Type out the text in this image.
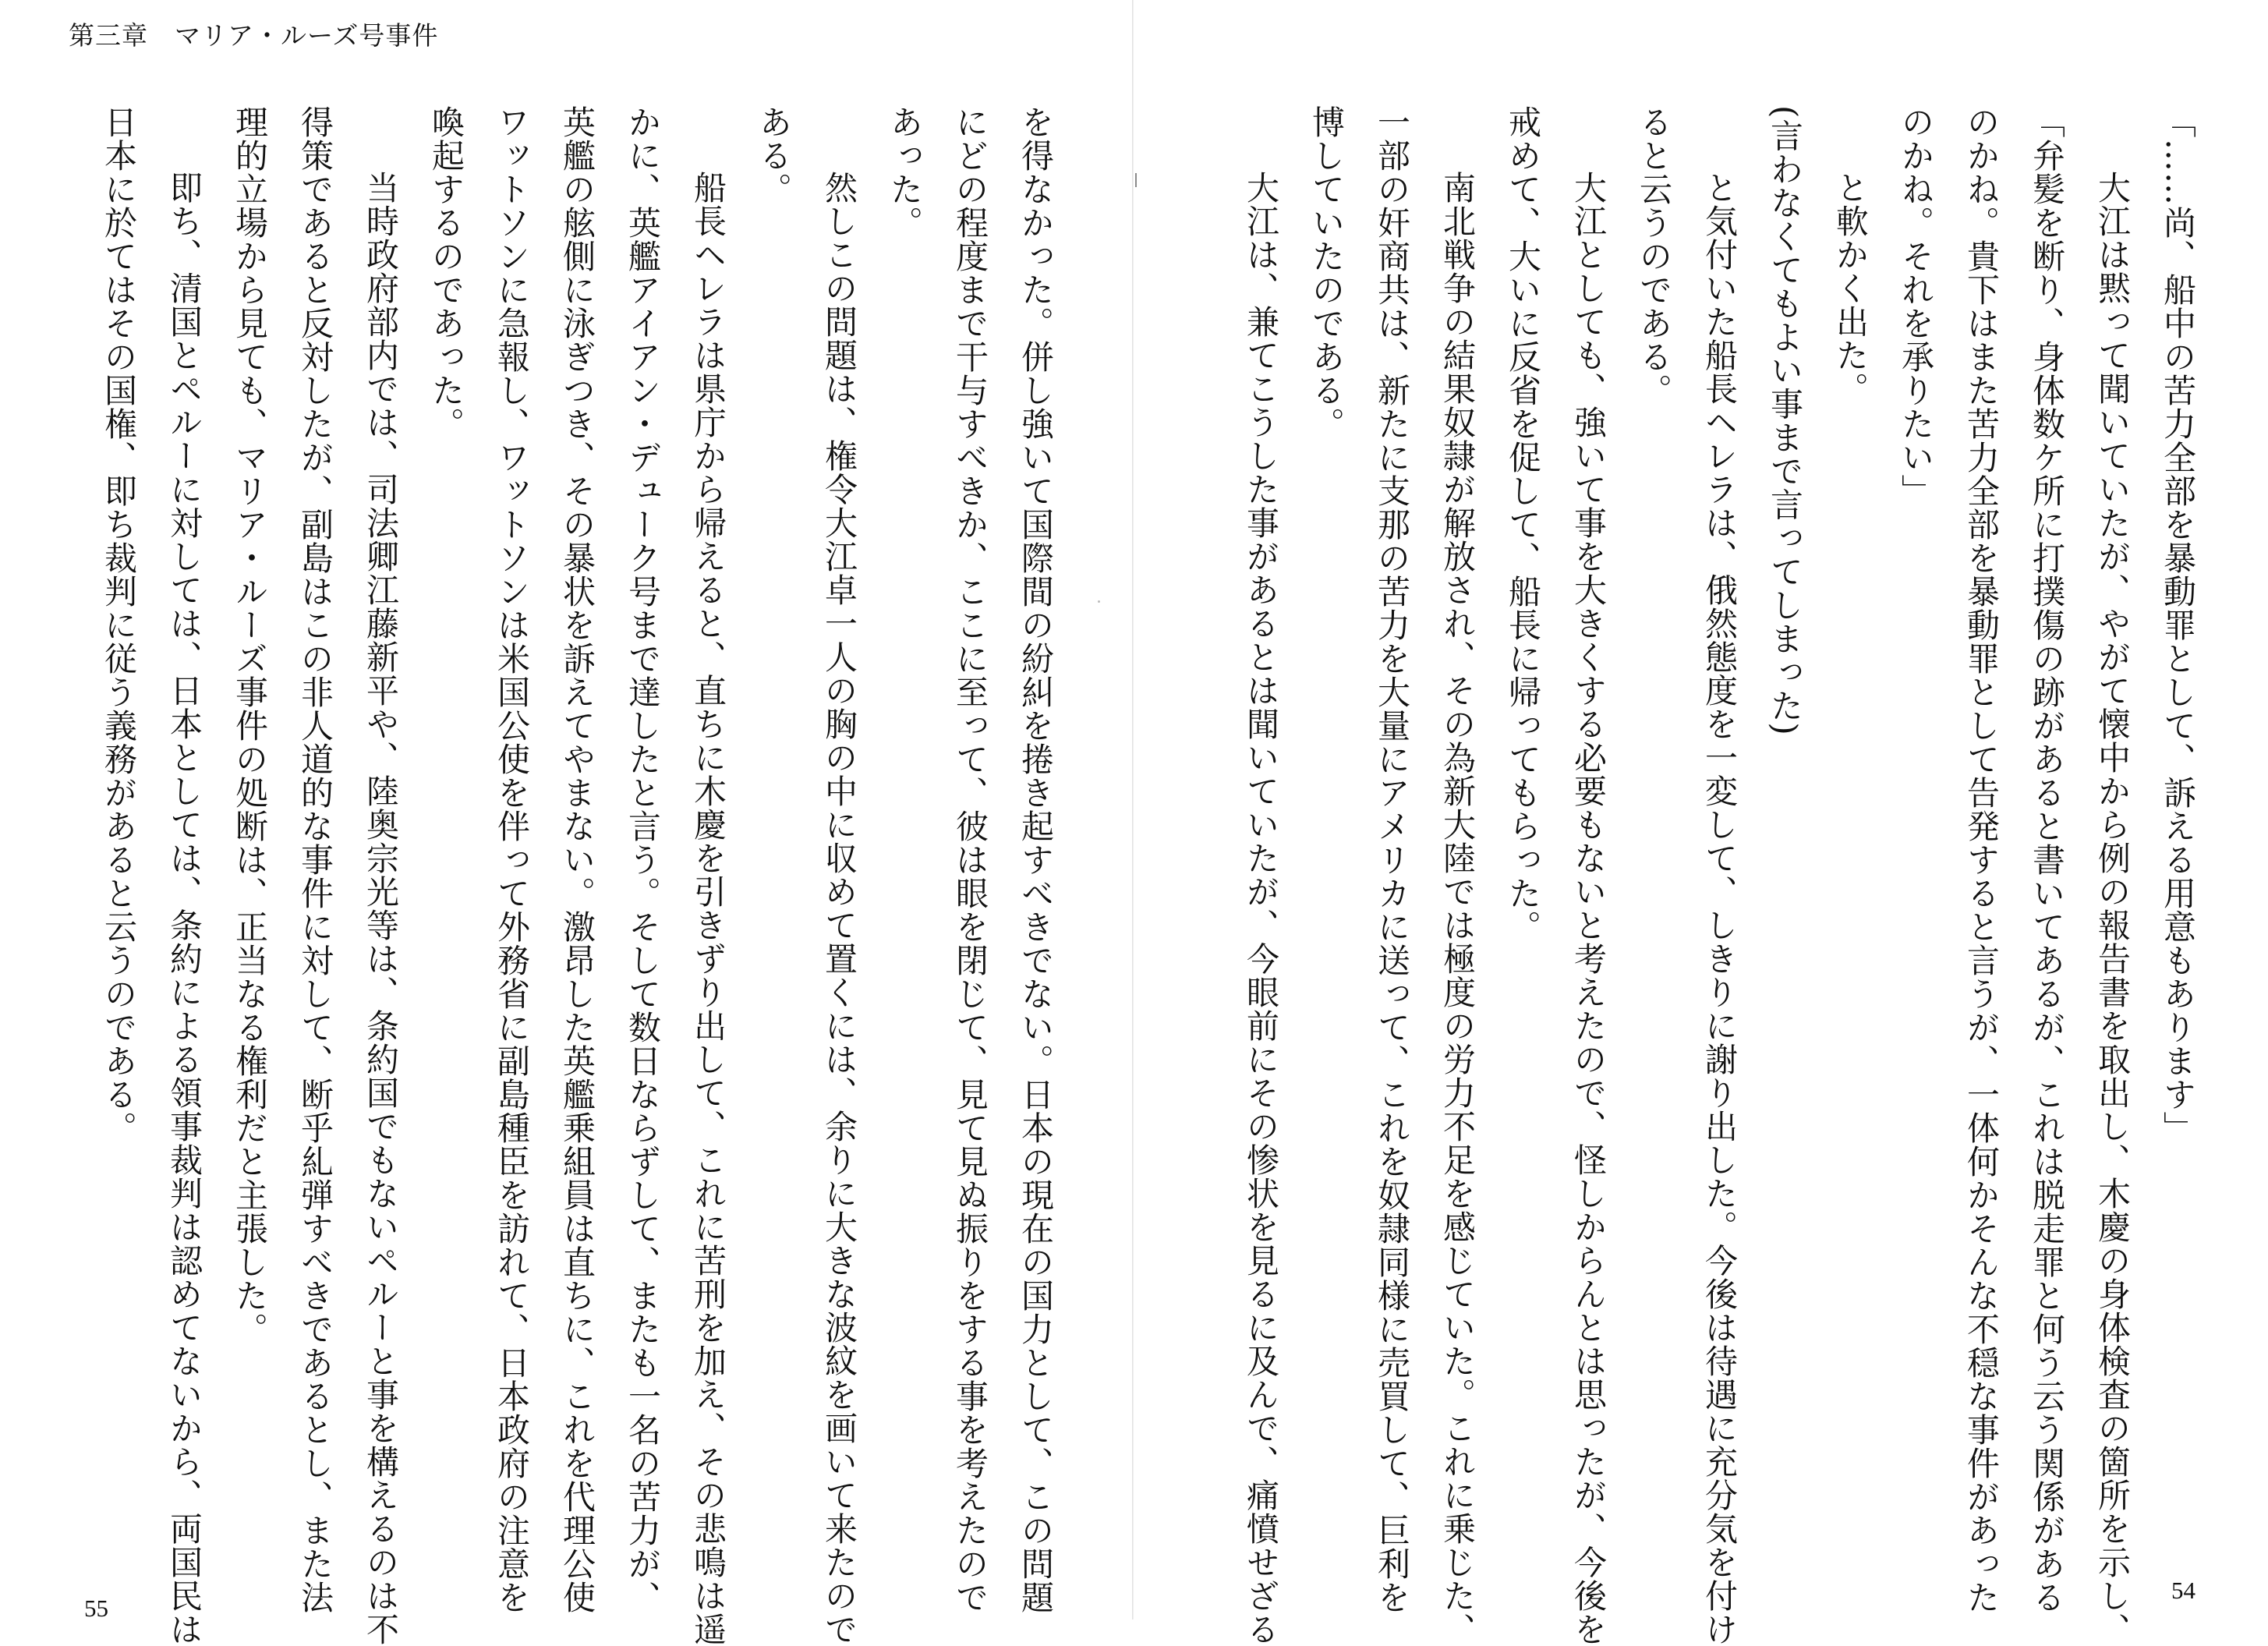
第三章　マリア・ルーズ号事件
を得なかった。併し強いて国際間の紛糾を捲き起すべきでない。日本の現在の国力として、この問題
にどの程度まで干与すべきか、ここに至って、彼は眼を閉じて、見て見ぬ振りをする事を考えたので
あった。
然しこの問題は、権令大江卓一人の胸の中に収めて置くには、余りに大きな波紋を画いて来たので
ある。
船長ヘレラは県庁から帰えると、直ちに木慶を引きずり出して、これに苦刑を加え、その悲鳴は遥
かに、英艦アイアン・デューク号まで達したと言う。そして数日ならずして、またも一名の苦力が、
英艦の舷側に泳ぎつき、その暴状を訴えてやまない。激昂した英艦乗組員は直ちに、これを代理公使
ワットソンに急報し、ワットソンは米国公使を伴って外務省に副島種臣を訪れて、日本政府の注意を
喚起するのであった。
当時政府部内では、司法卿江藤新平や、陸奥宗光等は、条約国でもないペルーと事を構えるのは不
得策であると反対したが、副島はこの非人道的な事件に対して、断乎糺弾すべきであるとし、また法
理的立場から見ても、マリア・ルーズ事件の処断は、正当なる権利だと主張した。
即ち、清国とペルーに対しては、日本としては、条約による領事裁判は認めてないから、両国民は
日本に於てはその国権、即ち裁判に従う義務があると云うのである。
55
「……尚、船中の苦力全部を暴動罪として、訴える用意もあります」
大江は黙って聞いていたが、やがて懐中から例の報告書を取出し、木慶の身体検査の箇所を示し、
「弁髪を断り、身体数ケ所に打撲傷の跡があると書いてあるが、これは脱走罪と何う云う関係がある
のかね。貴下はまた苦力全部を暴動罪として告発すると言うが、一体何かそんな不穏な事件があった
のかね。それを承りたい」
と軟かく出た。
(言わなくてもよい事まで言ってしまった)
と気付いた船長ヘレラは、俄然態度を一変して、しきりに謝り出した。今後は待遇に充分気を付け
ると云うのである。
大江としても、強いて事を大きくする必要もないと考えたので、怪しからんとは思ったが、今後を
戒めて、大いに反省を促して、船長に帰ってもらった。
南北戦争の結果奴隷が解放され、その為新大陸では極度の労力不足を感じていた。これに乗じた、
一部の奸商共は、新たに支那の苦力を大量にアメリカに送って、これを奴隷同様に売買して、巨利を
博していたのである。
大江は、兼てこうした事があるとは聞いていたが、今眼前にその惨状を見るに及んで、痛憤せざる	54
